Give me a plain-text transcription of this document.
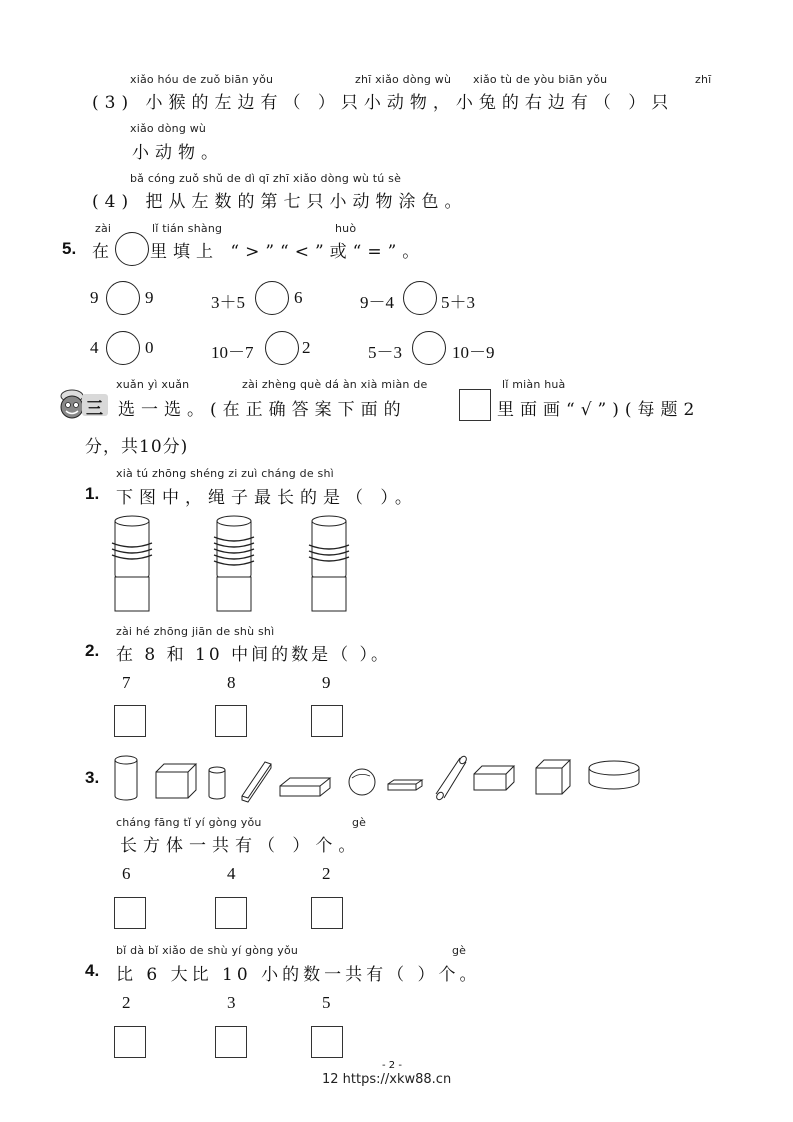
xiǎo hóu de zuǒ biān yǒu	zhī xiǎo dòng wù xiǎo tù de yòu biān yǒu	zhī
(3) 小猴的左边有（ ）只小动物，小兔的右边有（ ）只
xiǎo dòng wù
小动物。
bǎ cóng zuǒ shǔ de dì qī zhī xiǎo dòng wù tú sè
(4) 把从左数的第七只小动物涂色。
zài	lǐ tián shàng	huò
5. 在 里填上 “>”“<”或“=”。
9	9	3＋5	6	9－4	5＋3
4	0	10－7	2	5－3	10－9
xuǎn yì xuǎn	zài zhèng què dá àn xià miàn de	lǐ miàn huà
三 选一选。(在正确答案下面的	里面画“√”)(每题2
分，共10分)
xià tú zhōng shéng zi zuì cháng de shì
1. 下图中，绳子最长的是（ ）。
zài hé zhōng jiān de shù shì
2. 在 8 和 10 中间的数是（ ）。
7	8	9
3.
cháng fāng tǐ yí gòng yǒu	gè
长方体一共有（ ）个。
6	4	2
bǐ dà bǐ xiǎo de shù yí gòng yǒu	gè
4. 比 6 大比 10 小的数一共有（ ）个。
2	3	5
- 2 -
12 https://xkw88.cn
